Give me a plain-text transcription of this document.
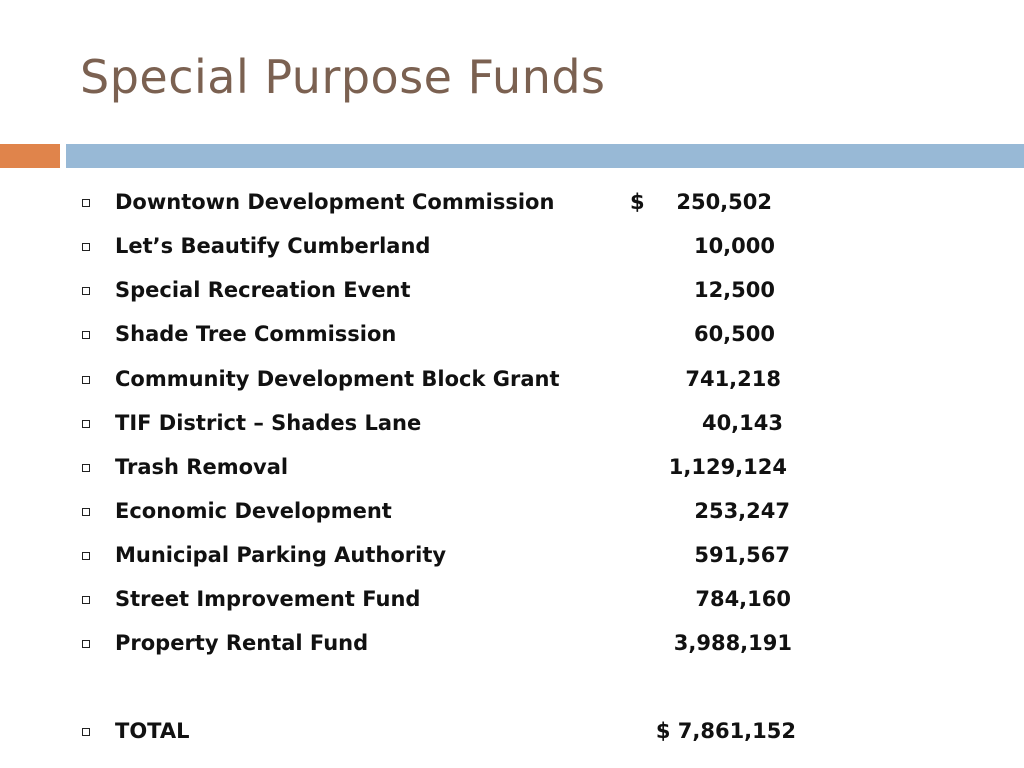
Special Purpose Funds
Downtown Development Commission	$ 250,502
Let’s Beautify Cumberland	10,000
Special Recreation Event	12,500
Shade Tree Commission	60,500
Community Development Block Grant	741,218
TIF District – Shades Lane	40,143
Trash Removal	1,129,124
Economic Development	253,247
Municipal Parking Authority	591,567
Street Improvement Fund	784,160
Property Rental Fund	3,988,191
TOTAL	$ 7,861,152
